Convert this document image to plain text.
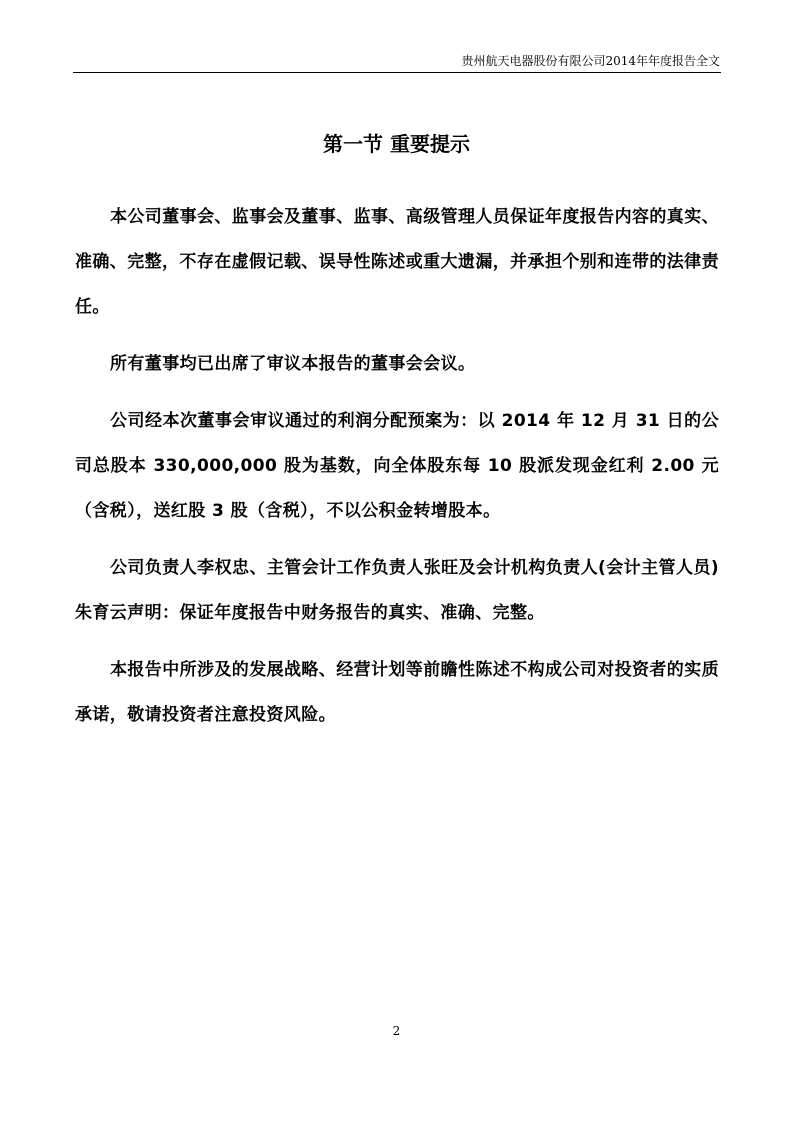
贵州航天电器股份有限公司2014年年度报告全文
第一节 重要提示

本公司董事会、监事会及董事、监事、高级管理人员保证年度报告内容的真实、准确、完整，不存在虚假记载、误导性陈述或重大遗漏，并承担个别和连带的法律责任。

所有董事均已出席了审议本报告的董事会会议。

公司经本次董事会审议通过的利润分配预案为：以 2014 年 12 月 31 日的公司总股本 330,000,000 股为基数，向全体股东每 10 股派发现金红利 2.00 元（含税），送红股 3 股（含税），不以公积金转增股本。

公司负责人李权忠、主管会计工作负责人张旺及会计机构负责人(会计主管人员)朱育云声明：保证年度报告中财务报告的真实、准确、完整。

本报告中所涉及的发展战略、经营计划等前瞻性陈述不构成公司对投资者的实质承诺，敬请投资者注意投资风险。

2
